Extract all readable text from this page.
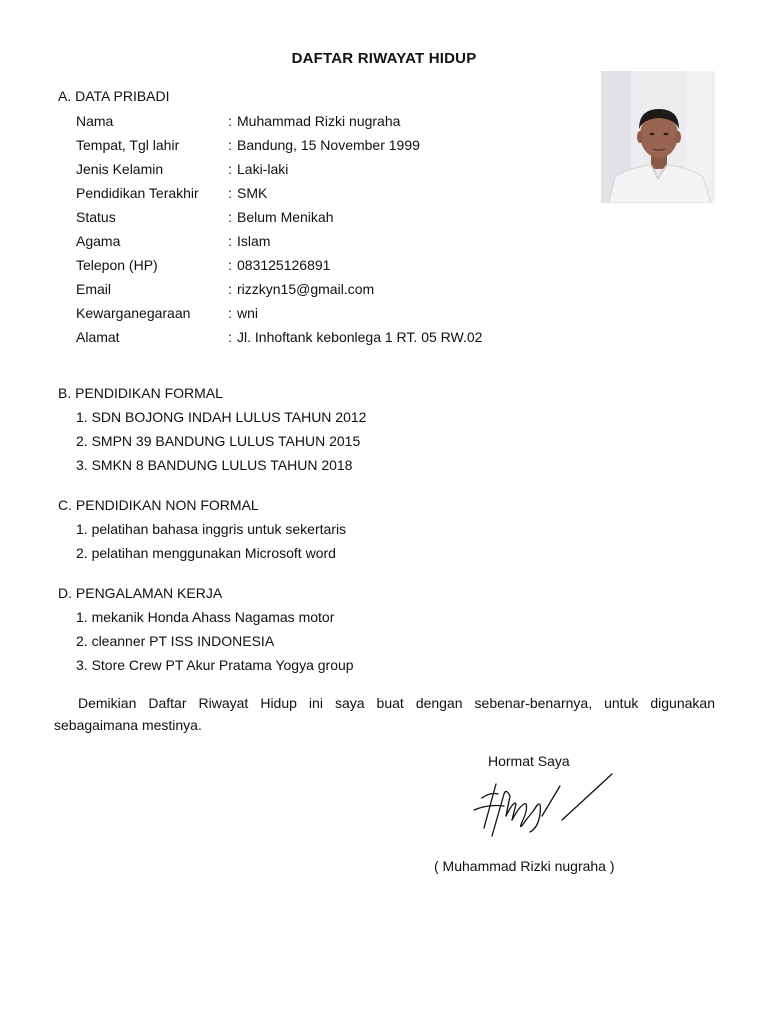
DAFTAR RIWAYAT HIDUP
A. DATA PRIBADI
Nama	: Muhammad Rizki nugraha
Tempat, Tgl lahir	: Bandung, 15 November 1999
Jenis Kelamin	: Laki-laki
Pendidikan Terakhir : SMK
Status	: Belum Menikah
Agama	: Islam
Telepon (HP)	: 083125126891
Email	: rizzkyn15@gmail.com
Kewarganegaraan	: wni
Alamat	: Jl. Inhoftank kebonlega 1 RT. 05 RW.02
B. PENDIDIKAN FORMAL
1. SDN BOJONG INDAH LULUS TAHUN 2012
2. SMPN 39 BANDUNG LULUS TAHUN 2015
3. SMKN 8 BANDUNG LULUS TAHUN 2018
C. PENDIDIKAN NON FORMAL
1. pelatihan bahasa inggris untuk sekertaris
2. pelatihan menggunakan Microsoft word
D. PENGALAMAN KERJA
1. mekanik Honda Ahass Nagamas motor
2. cleanner PT ISS INDONESIA
3. Store Crew PT Akur Pratama Yogya group
Demikian Daftar Riwayat Hidup ini saya buat dengan sebenar-benarnya, untuk digunakan
sebagaimana mestinya.
Hormat Saya
( Muhammad Rizki nugraha )
